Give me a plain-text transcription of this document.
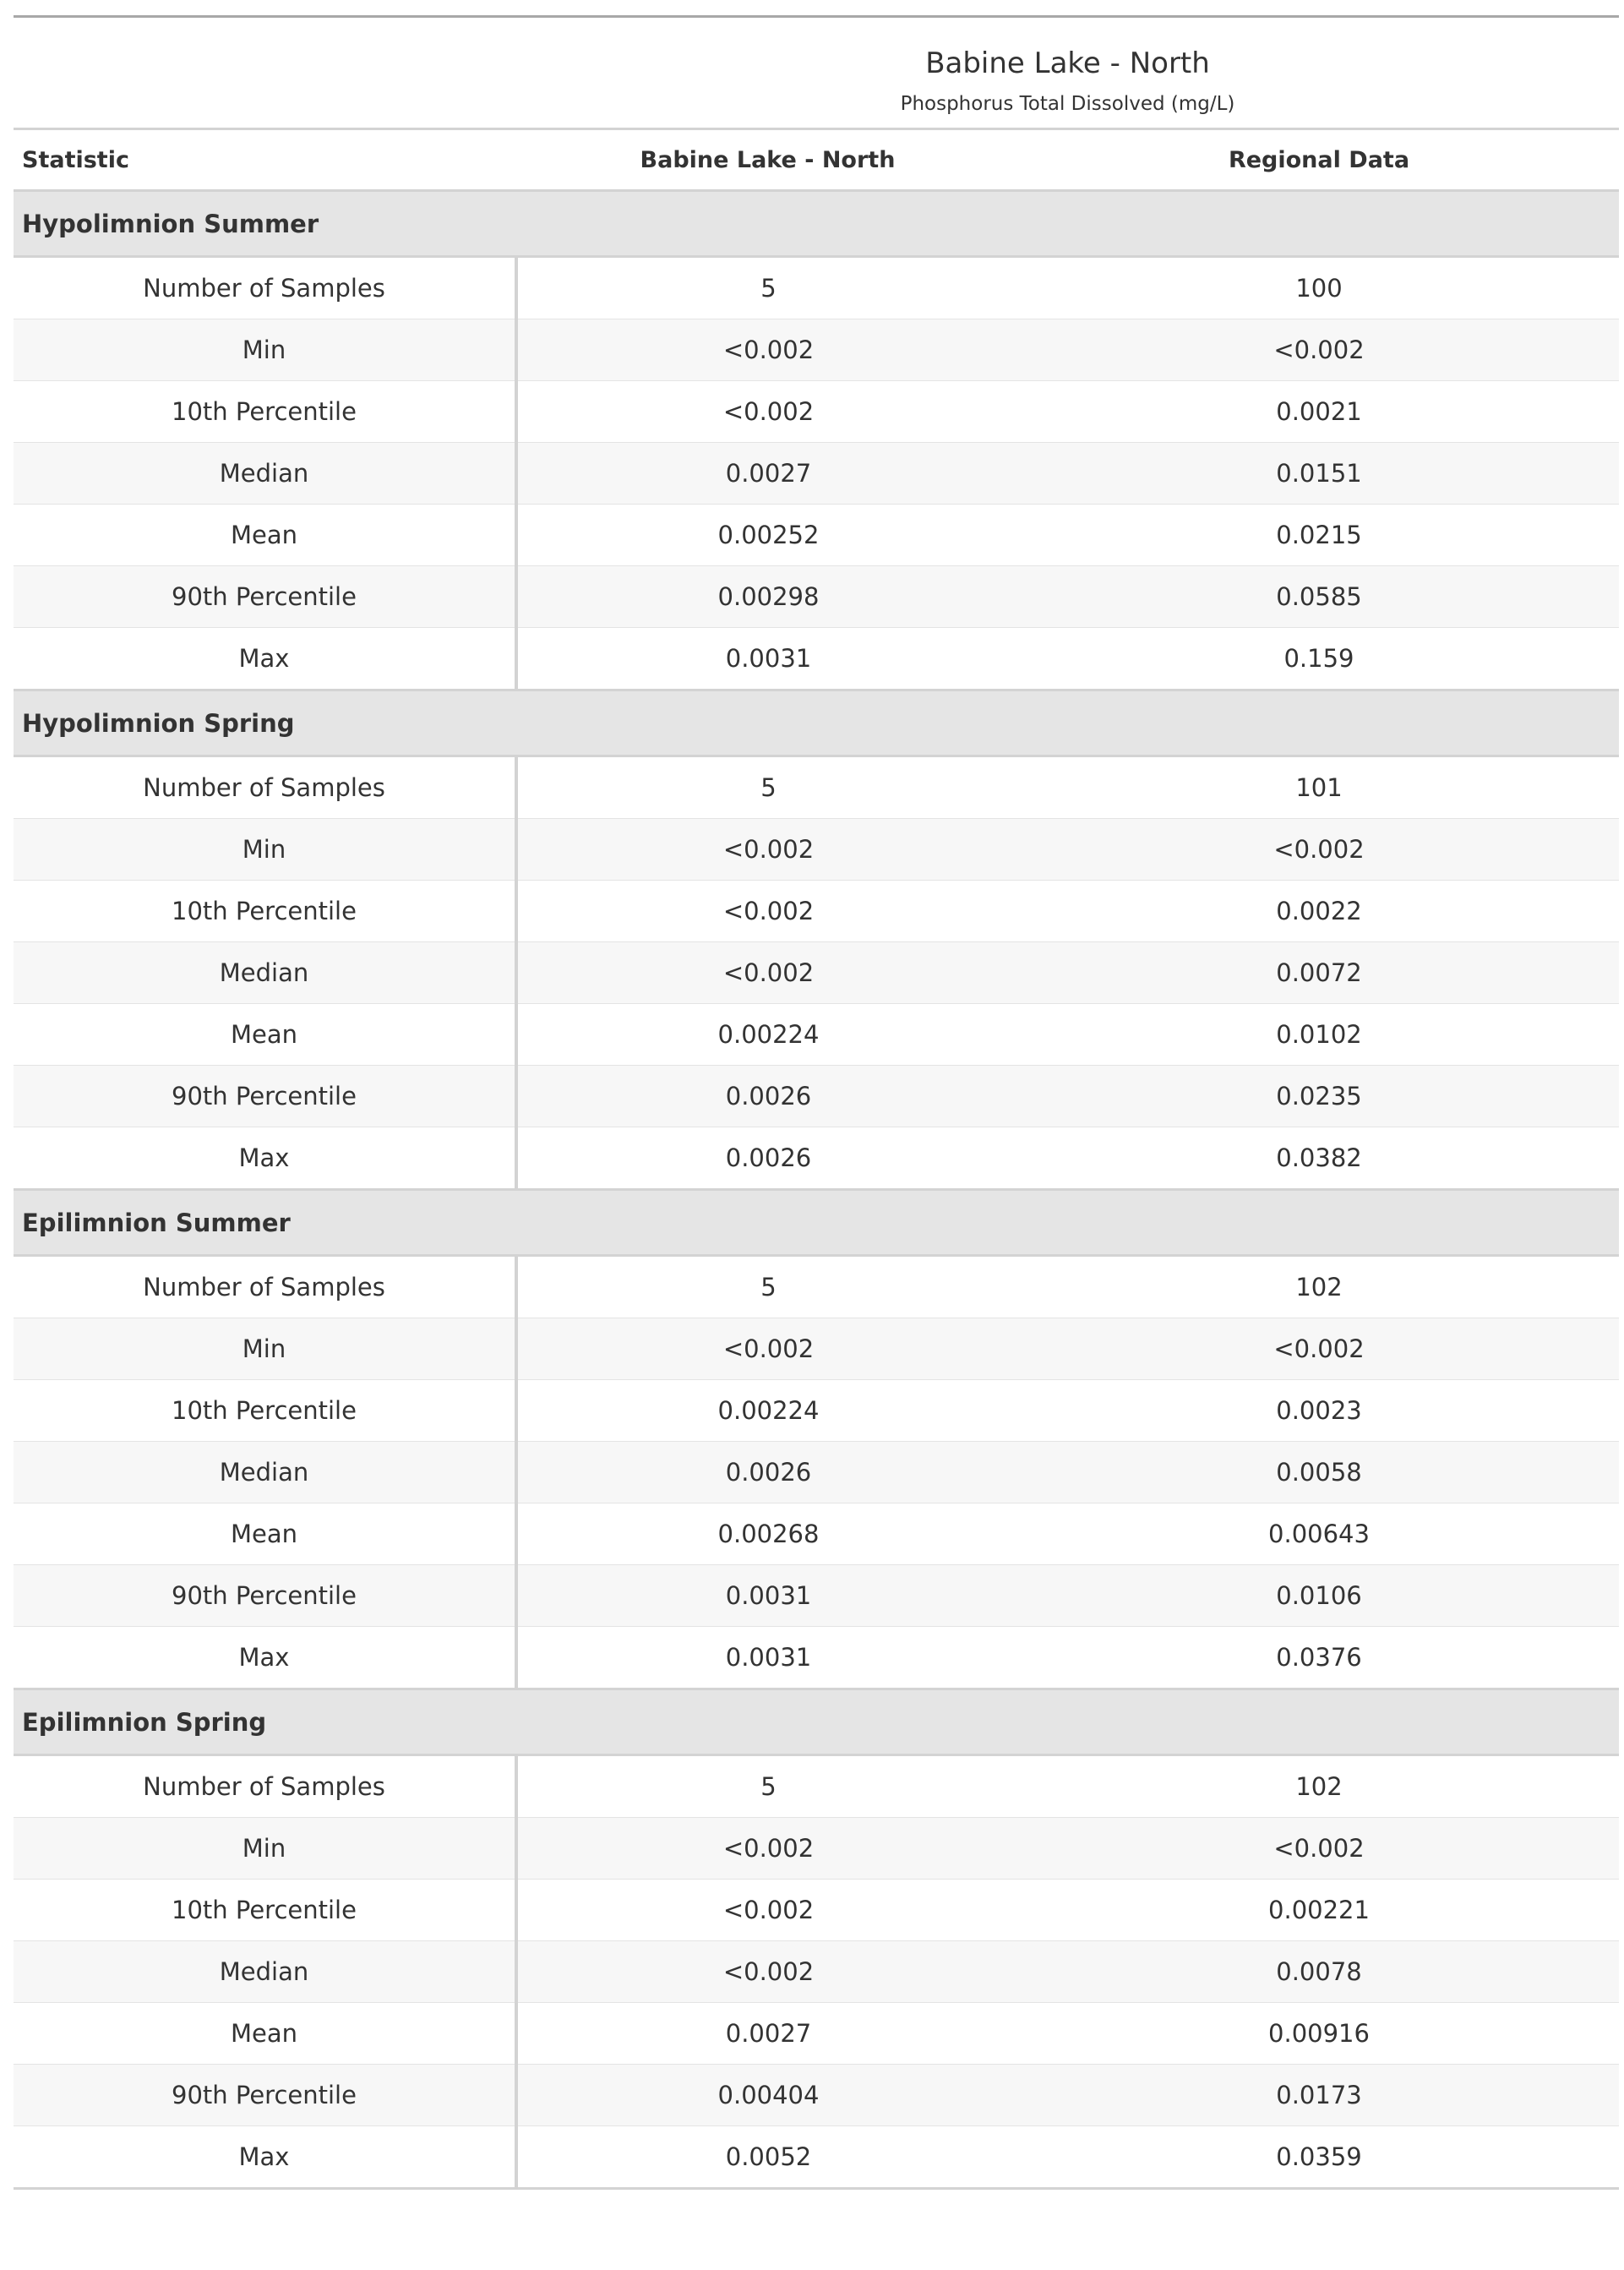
	Babine Lake - North	
	Phosphorus Total Dissolved (mg/L)	
Statistic	Babine Lake - North	Regional Data
Hypolimnion Summer		
Number of Samples	5	100
Min	<0.002	<0.002
10th Percentile	<0.002	0.0021
Median	0.0027	0.0151
Mean	0.00252	0.0215
90th Percentile	0.00298	0.0585
Max	0.0031	0.159
Hypolimnion Spring		
Number of Samples	5	101
Min	<0.002	<0.002
10th Percentile	<0.002	0.0022
Median	<0.002	0.0072
Mean	0.00224	0.0102
90th Percentile	0.0026	0.0235
Max	0.0026	0.0382
Epilimnion Summer		
Number of Samples	5	102
Min	<0.002	<0.002
10th Percentile	0.00224	0.0023
Median	0.0026	0.0058
Mean	0.00268	0.00643
90th Percentile	0.0031	0.0106
Max	0.0031	0.0376
Epilimnion Spring		
Number of Samples	5	102
Min	<0.002	<0.002
10th Percentile	<0.002	0.00221
Median	<0.002	0.0078
Mean	0.0027	0.00916
90th Percentile	0.00404	0.0173
Max	0.0052	0.0359
